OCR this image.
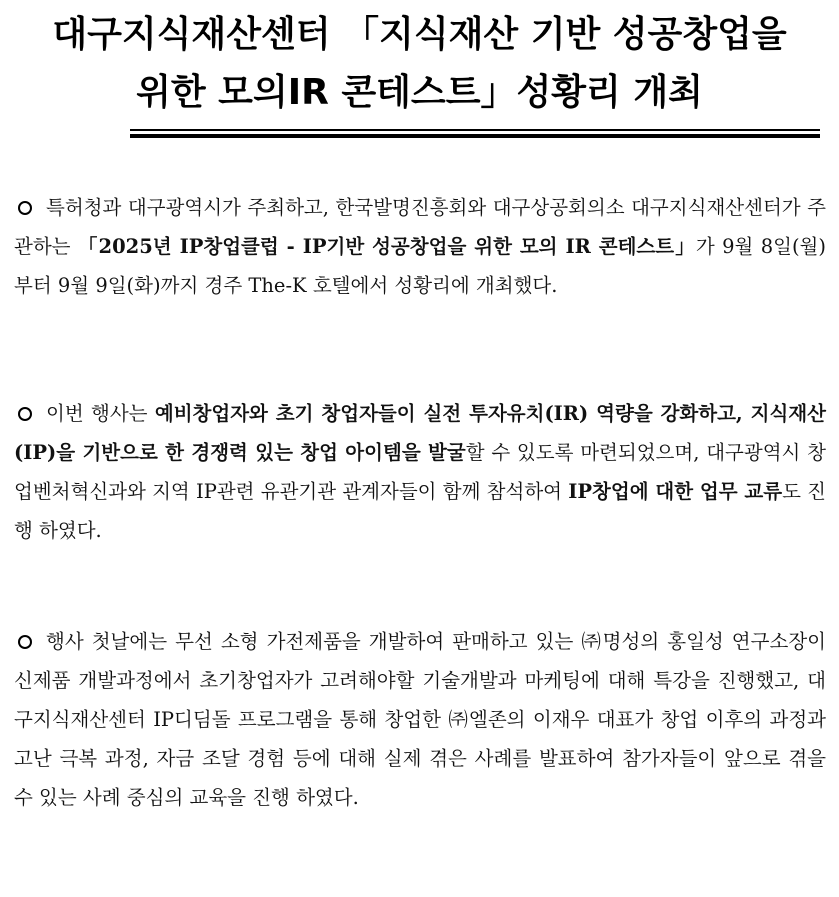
대구지식재산센터 「지식재산 기반 성공창업을
위한 모의IR 콘테스트」성황리 개최
특허청과 대구광역시가 주최하고, 한국발명진흥회와 대구상공회의소 대구지식재산센터가 주관하는 「2025년 IP창업클럽 - IP기반 성공창업을 위한 모의 IR 콘테스트」가 9월 8일(월)부터 9월 9일(화)까지 경주 The-K 호텔에서 성황리에 개최했다.
이번 행사는 예비창업자와 초기 창업자들이 실전 투자유치(IR) 역량을 강화하고, 지식재산(IP)을 기반으로 한 경쟁력 있는 창업 아이템을 발굴할 수 있도록 마련되었으며, 대구광역시 창업벤처혁신과와 지역 IP관련 유관기관 관계자들이 함께 참석하여 IP창업에 대한 업무 교류도 진행 하였다.
행사 첫날에는 무선 소형 가전제품을 개발하여 판매하고 있는 ㈜명성의 홍일성 연구소장이 신제품 개발과정에서 초기창업자가 고려해야할 기술개발과 마케팅에 대해 특강을 진행했고, 대구지식재산센터 IP디딤돌 프로그램을 통해 창업한 ㈜엘존의 이재우 대표가 창업 이후의 과정과 고난 극복 과정, 자금 조달 경험 등에 대해 실제 겪은 사례를 발표하여 참가자들이 앞으로 겪을 수 있는 사례 중심의 교육을 진행 하였다.
